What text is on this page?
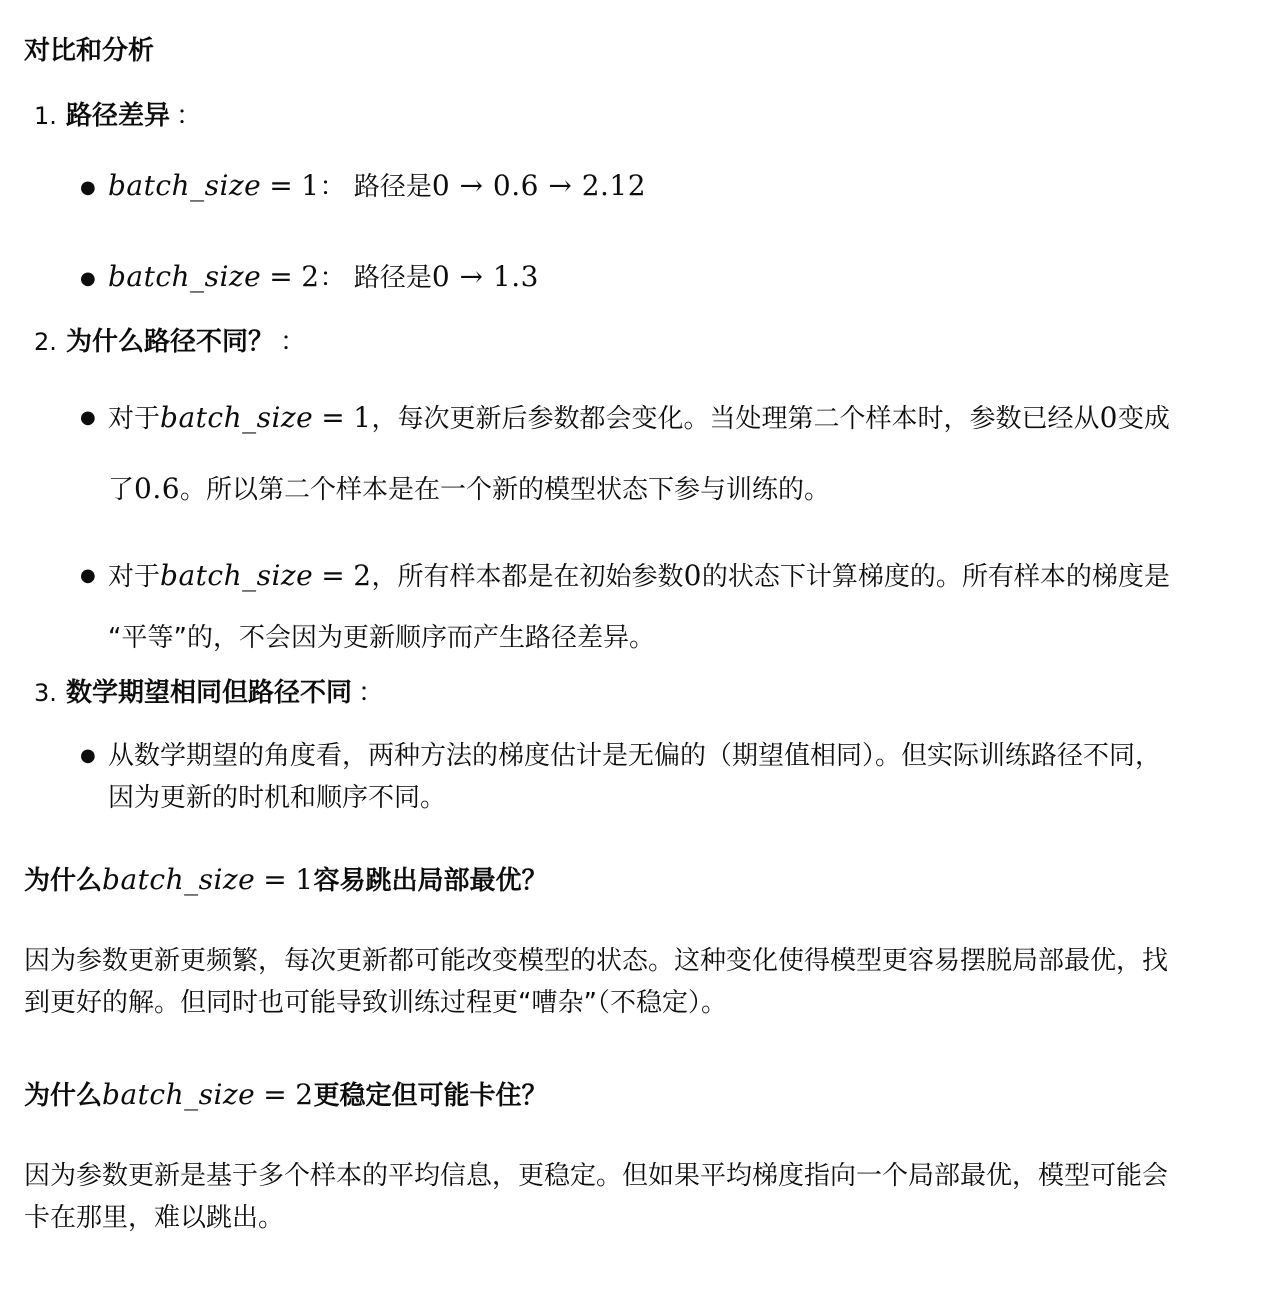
对比和分析
1. 路径差异 ：
● batch_size = 1： 路径是0 → 0.6 → 2.12
● batch_size = 2： 路径是0 → 1.3
2. 为什么路径不同？ ：
● 对于batch_size = 1，每次更新后参数都会变化。当处理第二个样本时，参数已经从0变成
了0.6。所以第二个样本是在一个新的模型状态下参与训练的。
● 对于batch_size = 2，所有样本都是在初始参数0的状态下计算梯度的。所有样本的梯度是
“平等”的，不会因为更新顺序而产生路径差异。
3. 数学期望相同但路径不同 ：
● 从数学期望的角度看，两种方法的梯度估计是无偏的（期望值相同）。但实际训练路径不同，
因为更新的时机和顺序不同。
为什么batch_size = 1容易跳出局部最优？
因为参数更新更频繁，每次更新都可能改变模型的状态。这种变化使得模型更容易摆脱局部最优，找
到更好的解。但同时也可能导致训练过程更“嘈杂”（不稳定）。
为什么batch_size = 2更稳定但可能卡住？
因为参数更新是基于多个样本的平均信息，更稳定。但如果平均梯度指向一个局部最优，模型可能会
卡在那里，难以跳出。
